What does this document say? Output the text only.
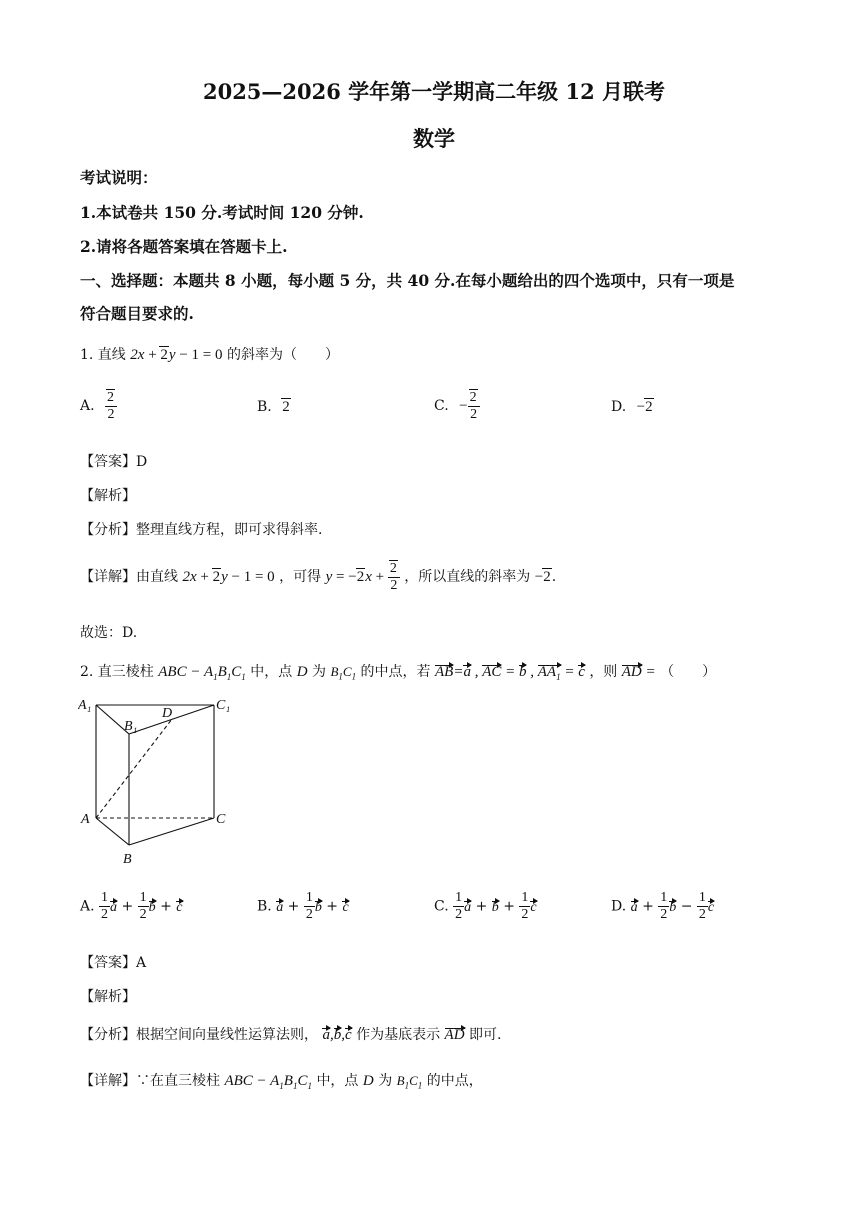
2025—2026 学年第一学期高二年级 12 月联考
数学
考试说明：
1.本试卷共 150 分.考试时间 120 分钟.
2.请将各题答案填在答题卡上.
一、选择题：本题共 8 小题，每小题 5 分，共 40 分.在每小题给出的四个选项中，只有一项是
符合题目要求的.
1. 直线 2x + 2y − 1 = 0 的斜率为（　　）
A. $\frac{2}{2}$	B. 2	C. − $\frac{2}{2}$	D. −2
【答案】D
【解析】
【分析】整理直线方程，即可求得斜率.
【详解】由直线 2x + 2y − 1 = 0 ，可得 $y = -2x + \frac{2}{2}$ ，所以直线的斜率为 −2.
故选：D.
2. 直三棱柱 ABC − $A_1B_1C_1$ 中，点 D 为 $B_1C_1$ 的中点，若 AB=a , AC = b , $AA_1 = c$ ，则 AD = （　　）
A₁
B₁
D
C₁
A	C
B
A. $\frac{1}{2}$ $a + \frac{1}{2}$ b + c	B. $a + \frac{1}{2}$ b + c	C. $\frac{1}{2}$ $a + b + \frac{1}{2}$ c	D. $a + \frac{1}{2}$ $b - \frac{1}{2}$ c
【答案】A
【解析】
【分析】根据空间向量线性运算法则， a,b,c 作为基底表示 AD 即可.
【详解】∵在直三棱柱 ABC − $A_1B_1C_1$ 中，点 D 为 $B_1C_1$ 的中点，
